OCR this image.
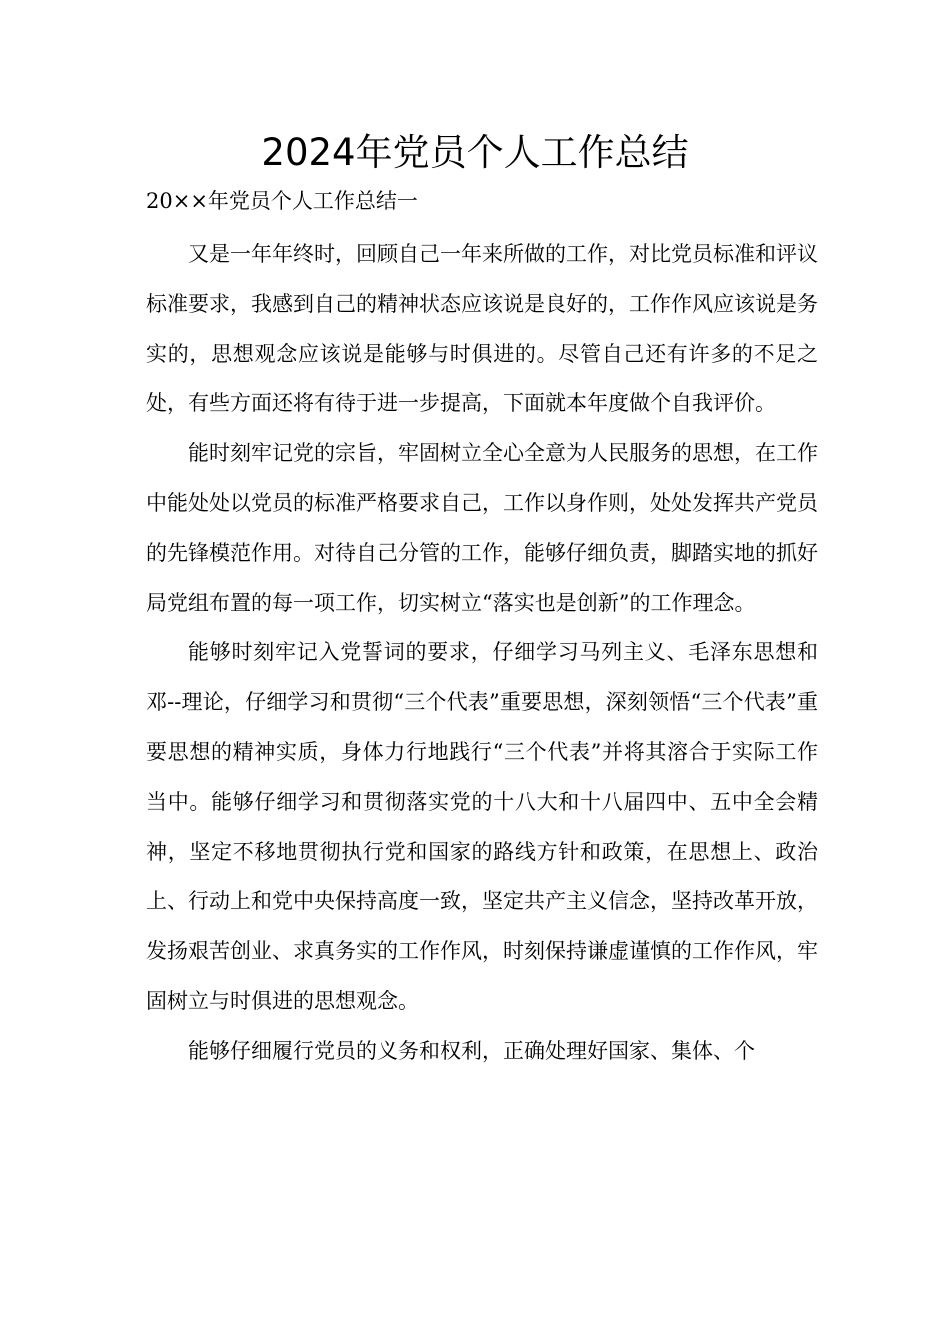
2024年党员个人工作总结

20××年党员个人工作总结一

又是一年年终时，回顾自己一年来所做的工作，对比党员标准和评议标准要求，我感到自己的精神状态应该说是良好的，工作作风应该说是务实的，思想观念应该说是能够与时俱进的。尽管自己还有许多的不足之处，有些方面还将有待于进一步提高，下面就本年度做个自我评价。

能时刻牢记党的宗旨，牢固树立全心全意为人民服务的思想，在工作中能处处以党员的标准严格要求自己，工作以身作则，处处发挥共产党员的先锋模范作用。对待自己分管的工作，能够仔细负责，脚踏实地的抓好局党组布置的每一项工作，切实树立“落实也是创新”的工作理念。

能够时刻牢记入党誓词的要求，仔细学习马列主义、毛泽东思想和邓--理论，仔细学习和贯彻“三个代表”重要思想，深刻领悟“三个代表”重要思想的精神实质，身体力行地践行“三个代表”并将其溶合于实际工作当中。能够仔细学习和贯彻落实党的十八大和十八届四中、五中全会精神，坚定不移地贯彻执行党和国家的路线方针和政策，在思想上、政治上、行动上和党中央保持高度一致，坚定共产主义信念，坚持改革开放，发扬艰苦创业、求真务实的工作作风，时刻保持谦虚谨慎的工作作风，牢固树立与时俱进的思想观念。

能够仔细履行党员的义务和权利，正确处理好国家、集体、个
